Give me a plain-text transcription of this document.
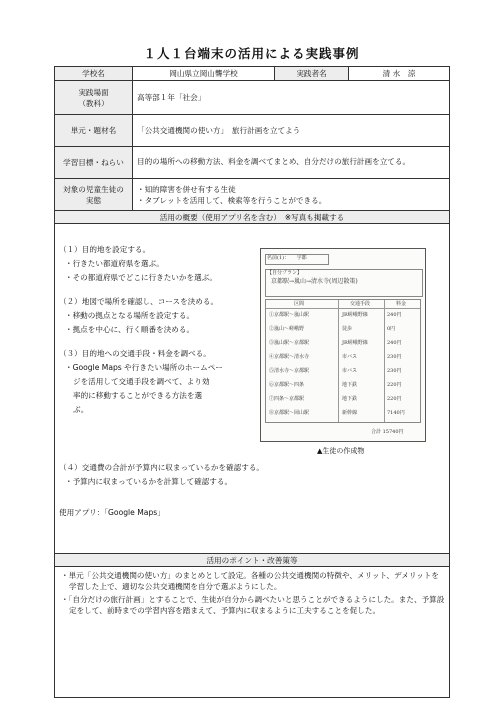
１人１台端末の活用による実践事例
学校名	岡山県立岡山聾学校	実践者名	清 水　涼
実践場面
（教科）
高等部１年「社会」
単元・題材名	「公共交通機関の使い方」　旅行計画を立てよう
学習目標・ねらい	目的の場所への移動方法、料金を調べてまとめ、自分だけの旅行計画を立てる。
対象の児童生徒の
実態
・知的障害を併せ有する生徒
・タブレットを活用して、検索等を行うことができる。
活用の概要（使用アプリ名を含む）　※写真も掲載する
（１）目的地を設定する。
・行きたい都道府県を選ぶ。
・その都道府県でどこに行きたいかを選ぶ。
（２）地図で場所を確認し、コースを決める。
・移動の拠点となる場所を設定する。
・拠点を中心に、行く順番を決める。
（３）目的地への交通手段・料金を調べる。
・Google Maps や行きたい場所のホームペー
ジを活用して交通手段を調べて、より効
率的に移動することができる方法を選
ぶ。
（４）交通費の合計が予算内に収まっているかを確認する。
・予算内に収まっているかを計算して確認する。
使用アプリ：「Google Maps」
名前(1)：　　宇都
【自分プラン】
京都駅→嵐山→清水寺(周辺散策)
区間	交通手段	料金
①京都駅～嵐山駅	JR嵯峨野線	240円
②嵐山～嵯峨野	徒歩	0円
③嵐山駅～京都駅	JR嵯峨野線	240円
④京都駅～清水寺	市バス	230円
⑤清水寺～京都駅	市バス	230円
⑥京都駅～四条	地下鉄	220円
⑦四条～京都駅	地下鉄	220円
⑧京都駅～岡山駅	新幹線	7140円
合計 15740円
▲生徒の作成物
活用のポイント・改善策等
・単元「公共交通機関の使い方」のまとめとして設定。各種の公共交通機関の特徴や、メリット、デメリットを学習した上で、適切な公共交通機関を自分で選ぶようにした。
・「自分だけの旅行計画」とすることで、生徒が自分から調べたいと思うことができるようにした。また、予算設定をして、前時までの学習内容を踏まえて、予算内に収まるように工夫することを促した。
